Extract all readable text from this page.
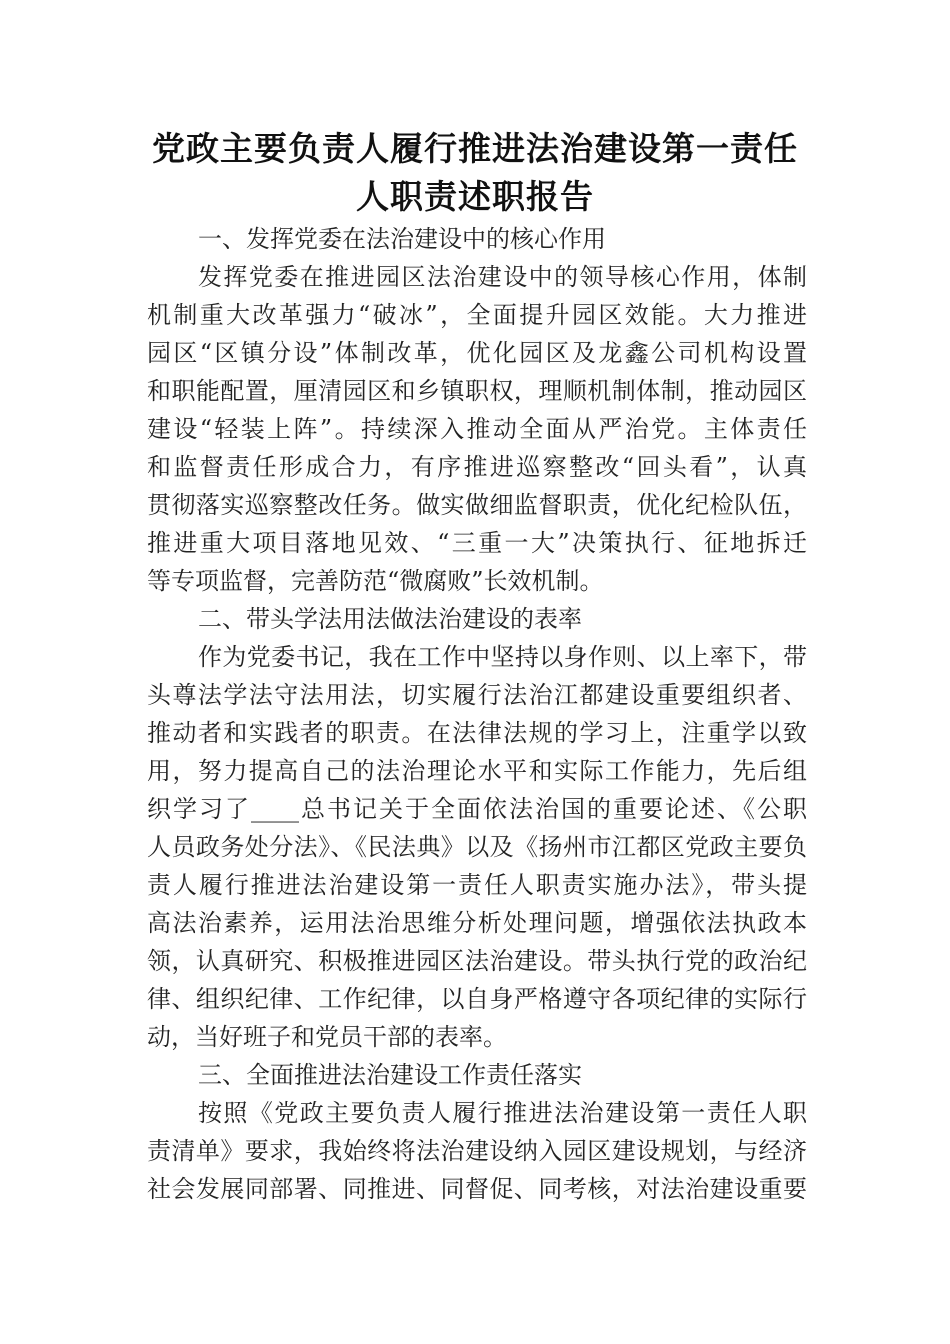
党政主要负责人履行推进法治建设第一责任
人职责述职报告
一、发挥党委在法治建设中的核心作用
发挥党委在推进园区法治建设中的领导核心作用，体制
机制重大改革强力“破冰”，全面提升园区效能。大力推进
园区“区镇分设”体制改革，优化园区及龙鑫公司机构设置
和职能配置，厘清园区和乡镇职权，理顺机制体制，推动园区
建设“轻装上阵”。持续深入推动全面从严治党。主体责任
和监督责任形成合力，有序推进巡察整改“回头看”，认真
贯彻落实巡察整改任务。做实做细监督职责，优化纪检队伍，
推进重大项目落地见效、“三重一大”决策执行、征地拆迁
等专项监督，完善防范“微腐败”长效机制。
二、带头学法用法做法治建设的表率
作为党委书记，我在工作中坚持以身作则、以上率下，带
头尊法学法守法用法，切实履行法治江都建设重要组织者、
推动者和实践者的职责。在法律法规的学习上，注重学以致
用，努力提高自己的法治理论水平和实际工作能力，先后组
织学习了____总书记关于全面依法治国的重要论述、《公职
人员政务处分法》、《民法典》以及《扬州市江都区党政主要负
责人履行推进法治建设第一责任人职责实施办法》，带头提
高法治素养，运用法治思维分析处理问题，增强依法执政本
领，认真研究、积极推进园区法治建设。带头执行党的政治纪
律、组织纪律、工作纪律，以自身严格遵守各项纪律的实际行
动，当好班子和党员干部的表率。
三、全面推进法治建设工作责任落实
按照《党政主要负责人履行推进法治建设第一责任人职
责清单》要求，我始终将法治建设纳入园区建设规划，与经济
社会发展同部署、同推进、同督促、同考核，对法治建设重要
